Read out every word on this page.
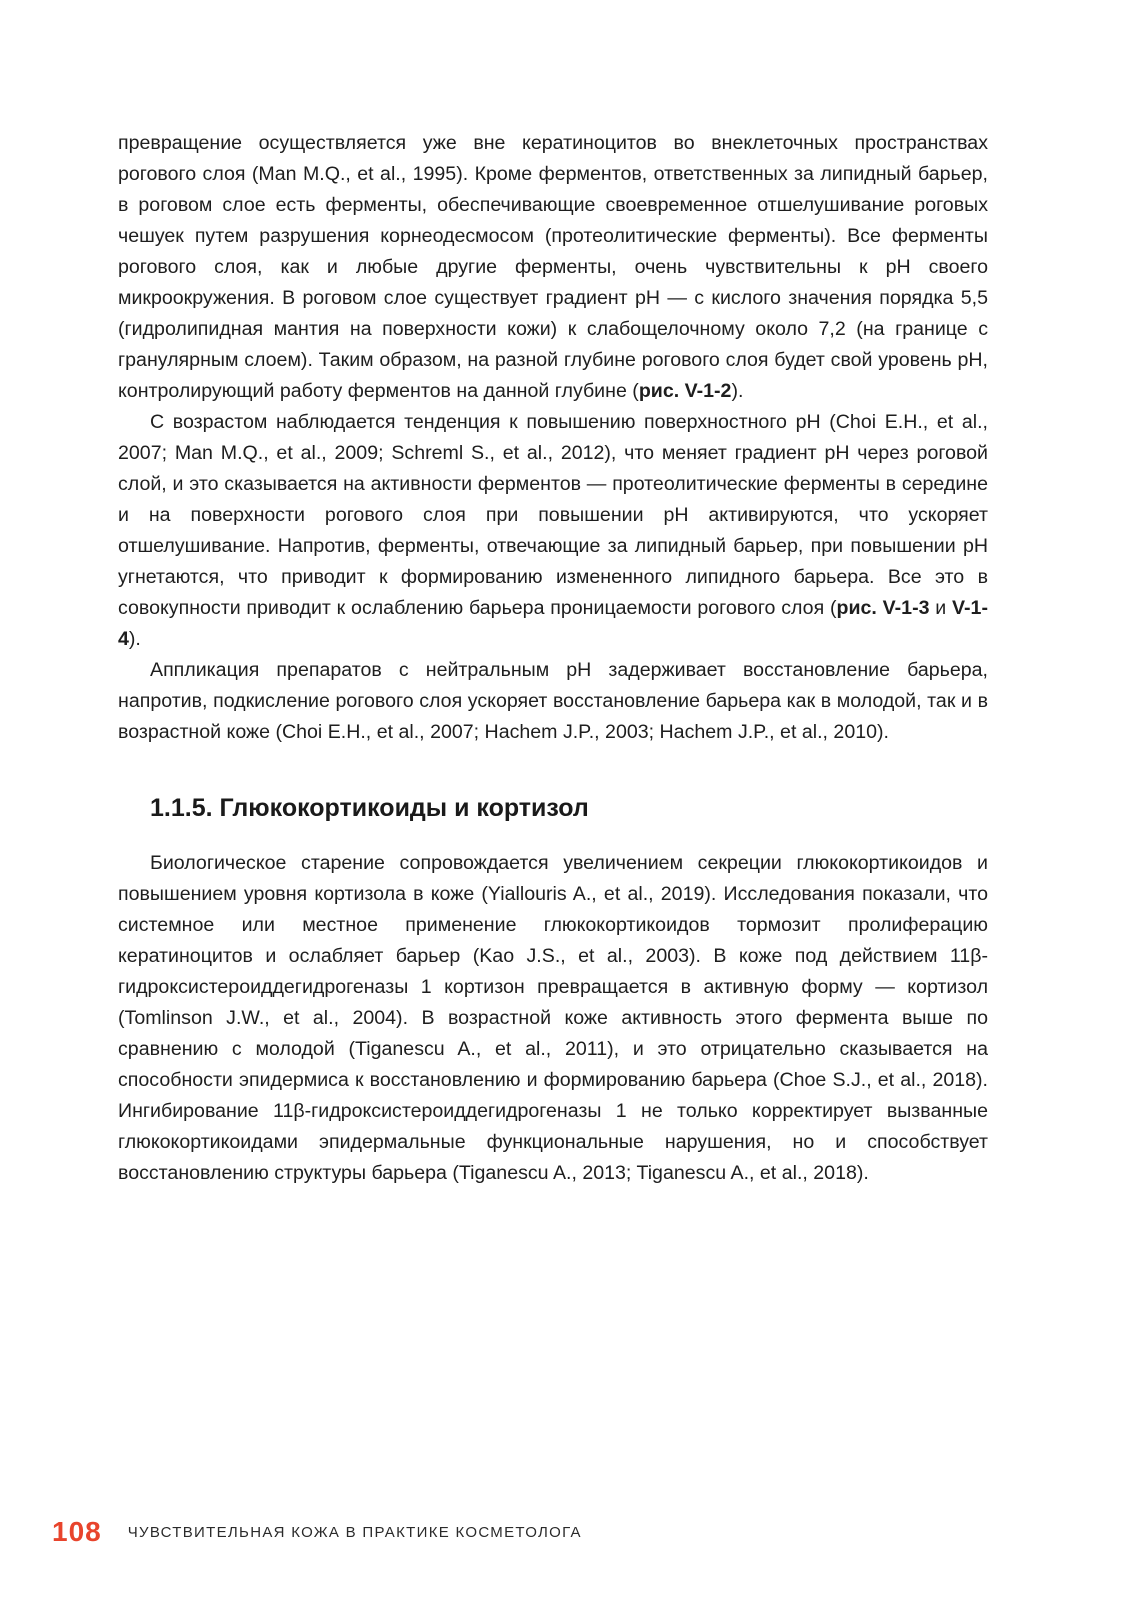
превращение осуществляется уже вне кератиноцитов во внеклеточных пространствах рогового слоя (Man M.Q., et al., 1995). Кроме ферментов, ответственных за липидный барьер, в роговом слое есть ферменты, обеспечивающие своевременное отшелушивание роговых чешуек путем разрушения корнеодесмосом (протеолитические ферменты). Все ферменты рогового слоя, как и любые другие ферменты, очень чувствительны к pH своего микроокружения. В роговом слое существует градиент pH — с кислого значения порядка 5,5 (гидролипидная мантия на поверхности кожи) к слабощелочному около 7,2 (на границе с гранулярным слоем). Таким образом, на разной глубине рогового слоя будет свой уровень pH, контролирующий работу ферментов на данной глубине (рис. V-1-2).

С возрастом наблюдается тенденция к повышению поверхностного pH (Choi E.H., et al., 2007; Man M.Q., et al., 2009; Schreml S., et al., 2012), что меняет градиент pH через роговой слой, и это сказывается на активности ферментов — протеолитические ферменты в середине и на поверхности рогового слоя при повышении pH активируются, что ускоряет отшелушивание. Напротив, ферменты, отвечающие за липидный барьер, при повышении pH угнетаются, что приводит к формированию измененного липидного барьера. Все это в совокупности приводит к ослаблению барьера проницаемости рогового слоя (рис. V-1-3 и V-1-4).

Аппликация препаратов с нейтральным pH задерживает восстановление барьера, напротив, подкисление рогового слоя ускоряет восстановление барьера как в молодой, так и в возрастной коже (Choi E.H., et al., 2007; Hachem J.P., 2003; Hachem J.P., et al., 2010).

1.1.5. Глюкокортикоиды и кортизол

Биологическое старение сопровождается увеличением секреции глюкокортикоидов и повышением уровня кортизола в коже (Yiallouris A., et al., 2019). Исследования показали, что системное или местное применение глюкокортикоидов тормозит пролиферацию кератиноцитов и ослабляет барьер (Kao J.S., et al., 2003). В коже под действием 11β-гидроксистероиддегидрогеназы 1 кортизон превращается в активную форму — кортизол (Tomlinson J.W., et al., 2004). В возрастной коже активность этого фермента выше по сравнению с молодой (Tiganescu A., et al., 2011), и это отрицательно сказывается на способности эпидермиса к восстановлению и формированию барьера (Choe S.J., et al., 2018). Ингибирование 11β-гидроксистероиддегидрогеназы 1 не только корректирует вызванные глюкокортикоидами эпидермальные функциональные нарушения, но и способствует восстановлению структуры барьера (Tiganescu A., 2013; Tiganescu A., et al., 2018).

108 ЧУВСТВИТЕЛЬНАЯ КОЖА В ПРАКТИКЕ КОСМЕТОЛОГА
